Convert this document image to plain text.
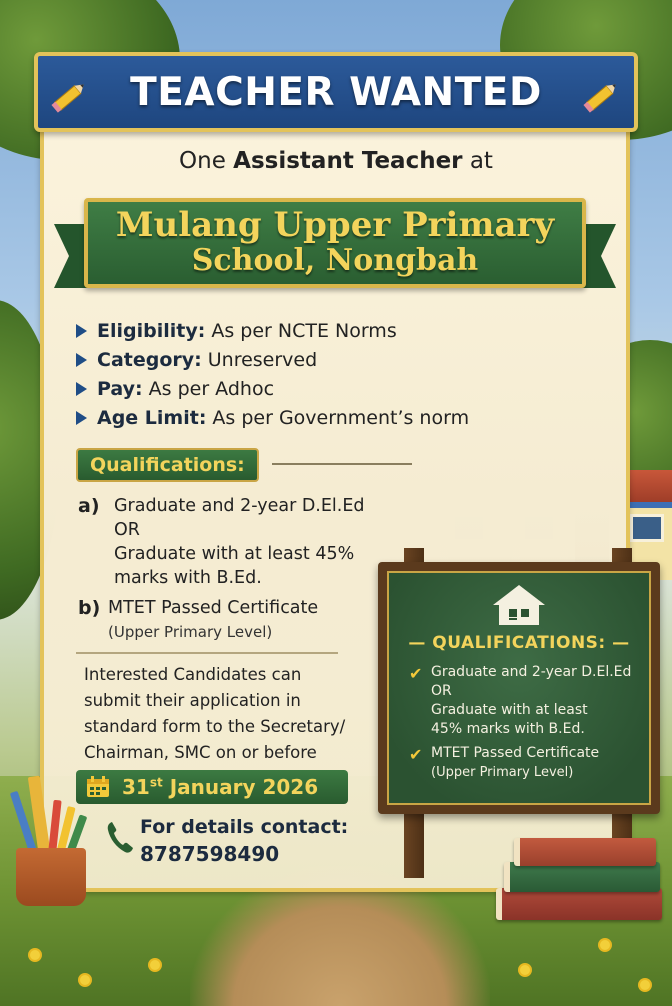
TEACHER WANTED
One Assistant Teacher at
Mulang Upper Primary
School, Nongbah
Eligibility: As per NCTE Norms
Category: Unreserved
Pay: As per Adhoc
Age Limit: As per Government’s norm
Qualifications:
a) Graduate and 2-year D.El.Ed
OR
Graduate with at least 45%
marks with B.Ed.
b) MTET Passed Certificate
(Upper Primary Level)
Interested Candidates can
submit their application in
standard form to the Secretary/
Chairman, SMC on or before
31st January 2026
For details contact:
8787598490
— QUALIFICATIONS: —
✔ Graduate and 2-year D.El.Ed
OR
Graduate with at least
45% marks with B.Ed.
✔ MTET Passed Certificate
(Upper Primary Level)
